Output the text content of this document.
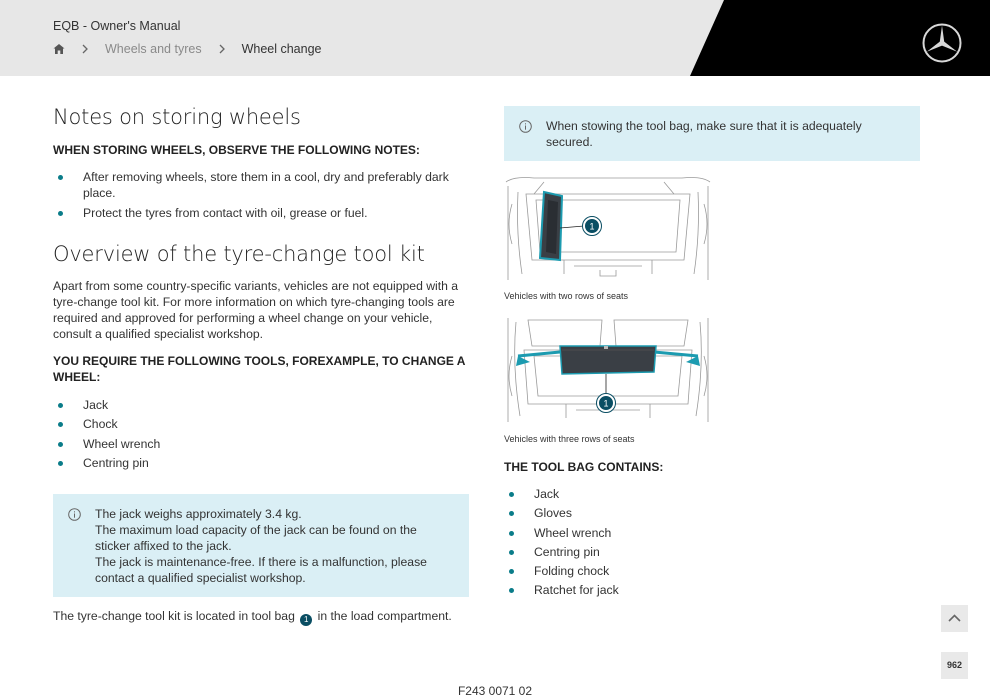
EQB - Owner's Manual
Wheels and tyres	Wheel change
Notes on storing wheels
WHEN STORING WHEELS, OBSERVE THE FOLLOWING NOTES:
After removing wheels, store them in a cool, dry and preferably dark place.
Protect the tyres from contact with oil, grease or fuel.
Overview of the tyre-change tool kit
Apart from some country-specific variants, vehicles are not equipped with a tyre-change tool kit. For more information on which tyre-changing tools are required and approved for performing a wheel change on your vehicle, consult a qualified specialist workshop.
YOU REQUIRE THE FOLLOWING TOOLS, FOREXAMPLE, TO CHANGE A WHEEL:
Jack
Chock
Wheel wrench
Centring pin
The jack weighs approximately 3.4 kg.
The maximum load capacity of the jack can be found on the sticker affixed to the jack.
The jack is maintenance-free. If there is a malfunction, please contact a qualified specialist workshop.
The tyre-change tool kit is located in tool bag 1 in the load compartment.
When stowing the tool bag, make sure that it is adequately secured.
1
Vehicles with two rows of seats
1
Vehicles with three rows of seats
THE TOOL BAG CONTAINS:
Jack
Gloves
Wheel wrench
Centring pin
Folding chock
Ratchet for jack
962
F243 0071 02
